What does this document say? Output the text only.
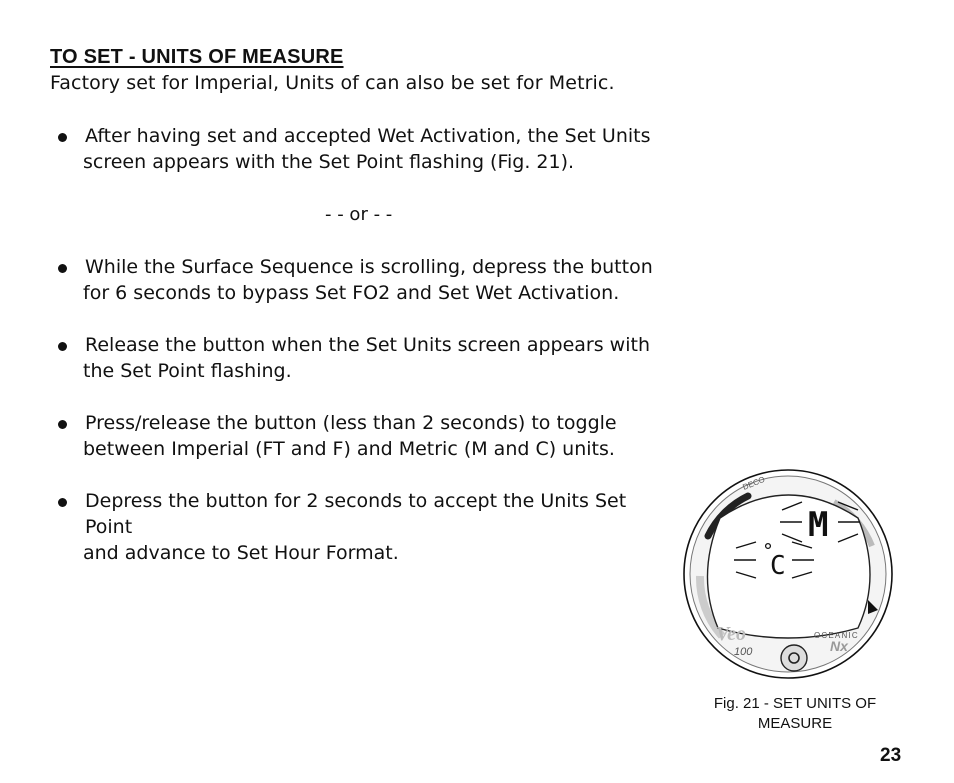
TO SET - UNITS OF MEASURE
Factory set for Imperial, Units of can also be set for Metric.
After having set and accepted Wet Activation, the Set Units
screen appears with the Set Point flashing (Fig. 21).
- - or - -
While the Surface Sequence is scrolling, depress the button
for 6 seconds to bypass Set FO2 and Set Wet Activation.
Release the button when the Set Units screen appears with
the Set Point flashing.
Press/release the button (less than 2 seconds) to toggle
between Imperial (FT and F) and Metric (M and C) units.
Depress the button for 2 seconds to accept the Units Set Point
and advance to Set Hour Format.
DECO
M
C
Veo
100
OCEANIC
Nx
Fig. 21 - SET UNITS OF
MEASURE
23
